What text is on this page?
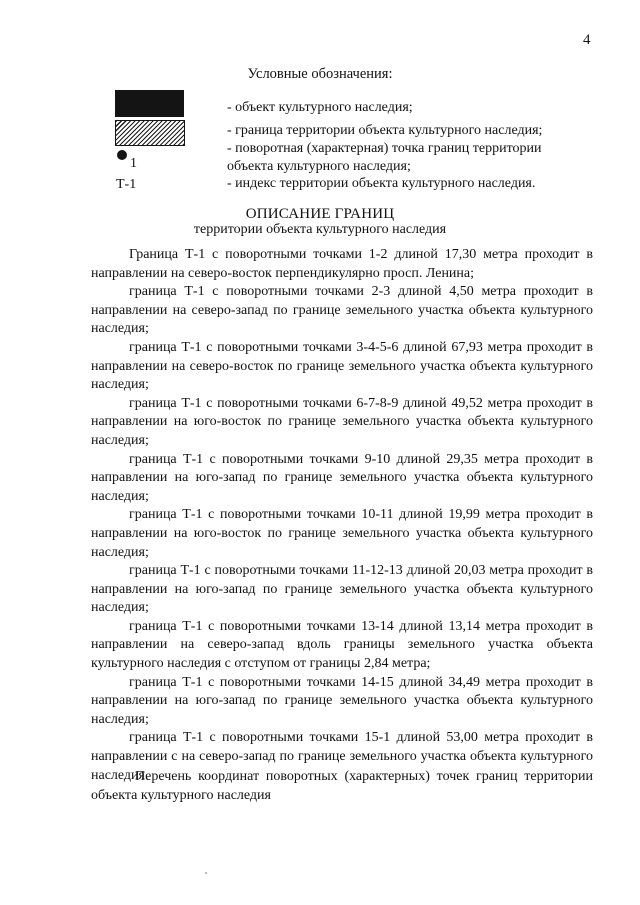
4
Условные обозначения:
1
Т-1
- объект культурного наследия;
- граница территории объекта культурного наследия;
- поворотная (характерная) точка границ территории объекта культурного наследия;
- индекс территории объекта культурного наследия.
ОПИСАНИЕ ГРАНИЦ
территории объекта культурного наследия

Граница Т-1 с поворотными точками 1-2 длиной 17,30 метра проходит в направлении на северо-восток перпендикулярно просп. Ленина;

граница Т-1 с поворотными точками 2-3 длиной 4,50 метра проходит в направлении на северо-запад по границе земельного участка объекта культурного наследия;

граница Т-1 с поворотными точками 3-4-5-6 длиной 67,93 метра проходит в направлении на северо-восток по границе земельного участка объекта культурного наследия;

граница Т-1 с поворотными точками 6-7-8-9 длиной 49,52 метра проходит в направлении на юго-восток по границе земельного участка объекта культурного наследия;

граница Т-1 с поворотными точками 9-10 длиной 29,35 метра проходит в направлении на юго-запад по границе земельного участка объекта культурного наследия;

граница Т-1 с поворотными точками 10-11 длиной 19,99 метра проходит в направлении на юго-восток по границе земельного участка объекта культурного наследия;

граница Т-1 с поворотными точками 11-12-13 длиной 20,03 метра проходит в направлении на юго-запад по границе земельного участка объекта культурного наследия;

граница Т-1 с поворотными точками 13-14 длиной 13,14 метра проходит в направлении на северо-запад вдоль границы земельного участка объекта культурного наследия с отступом от границы 2,84 метра;

граница Т-1 с поворотными точками 14-15 длиной 34,49 метра проходит в направлении на юго-запад по границе земельного участка объекта культурного наследия;

граница Т-1 с поворотными точками 15-1 длиной 53,00 метра проходит в направлении с на северо-запад по границе земельного участка объекта культурного наследия.

Перечень координат поворотных (характерных) точек границ территории объекта культурного наследия
